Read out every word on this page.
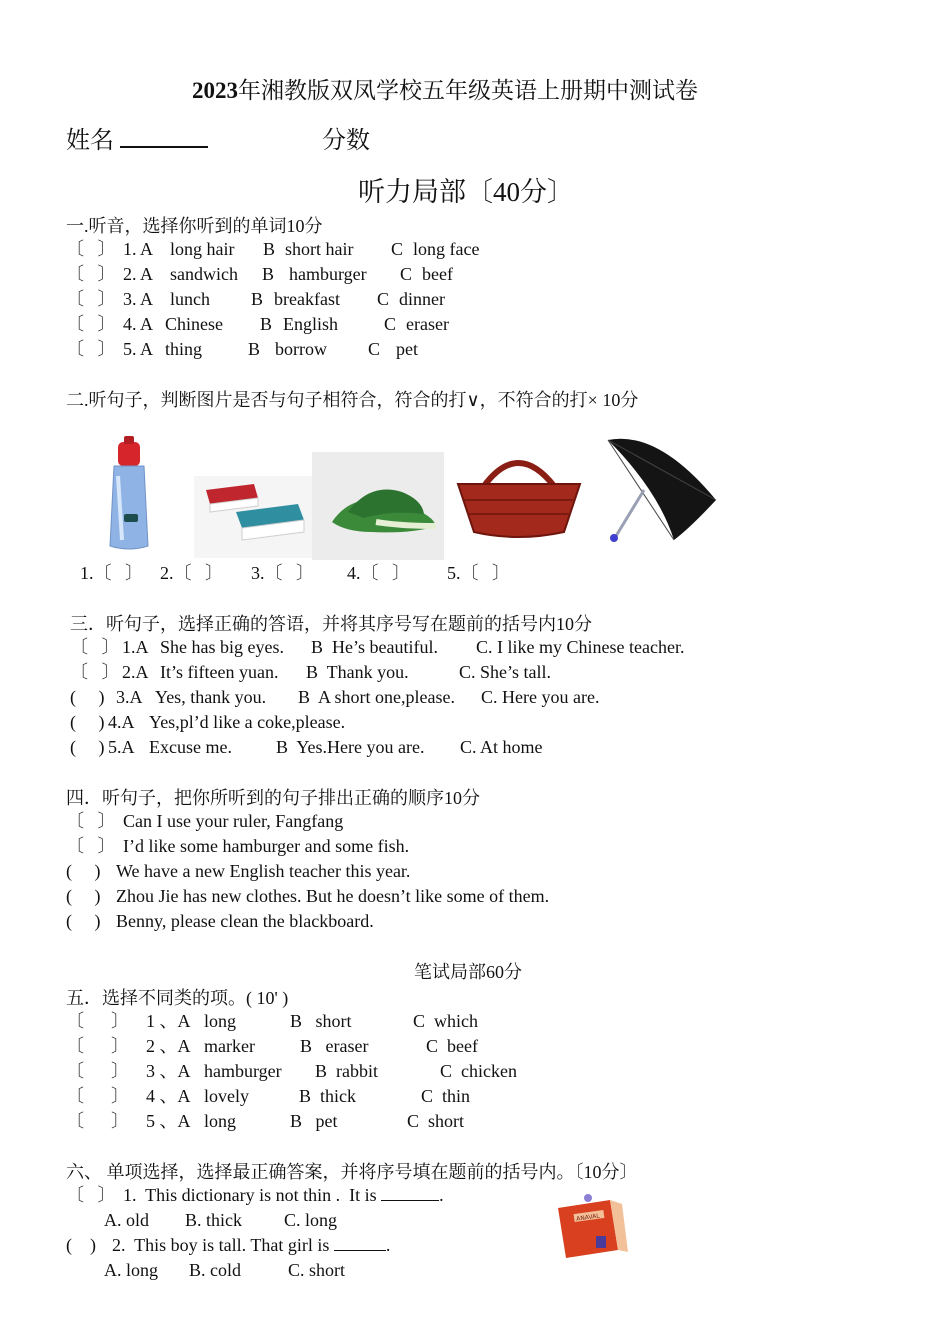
2023年湘教版双凤学校五年级英语上册期中测试卷
姓名	分数
听力局部〔40分〕
一.听音，选择你听到的单词10分
二.听句子，判断图片是否与句子相符合，符合的打∨，不符合的打× 10分
三．听句子，选择正确的答语，并将其序号写在题前的括号内10分
四．听句子，把你所听到的句子排出正确的顺序10分
笔试局部60分
五．选择不同类的项。( 10' )
六、 单项选择，选择最正确答案，并将序号填在题前的括号内。〔10分〕
〔   〕 1.  This dictionary is not thin .  It is	.
A. old B. thick C. long
(    ) 2.  This boy is tall. That girl is	.
A. long B. cold	C. short
ANAVAL
〔   〕 1. A long hair B short hair C long face
〔   〕 2. A sandwich B hamburger C beef
〔   〕 3. A lunch B breakfast C dinner
〔   〕 4. A Chinese B English	C eraser
〔   〕 5. A thing	B borrow C pet
1.〔   〕 2.〔   〕 3.〔   〕 4.〔   〕 5.〔   〕
〔   〕 1.A She has big eyes. B  He’s beautiful. C. I like my Chinese teacher.
〔   〕 2.A It’s fifteen yuan. B  Thank you.	C. She’s tall.
(     ) 3.A Yes, thank you. B  A short one,please. C. Here you are.
(     ) 4.A Yes,pl’d like a coke,please.
(     ) 5.A Excuse me. B  Yes.Here you are. C. At home
〔   〕 Can I use your ruler, Fangfang
〔   〕 I’d like some hamburger and some fish.
(     ) We have a new English teacher this year.
(     ) Zhou Jie has new clothes. But he doesn’t like some of them.
(     ) Benny, please clean the blackboard.
〔      〕 1 、A long	B   short	C  which
〔      〕 2 、A marker	B   eraser	C  beef
〔      〕 3 、A hamburger B  rabbit	C  chicken
〔      〕 4 、A lovely	B  thick	C  thin
〔      〕 5 、A long	B   pet	C  short
